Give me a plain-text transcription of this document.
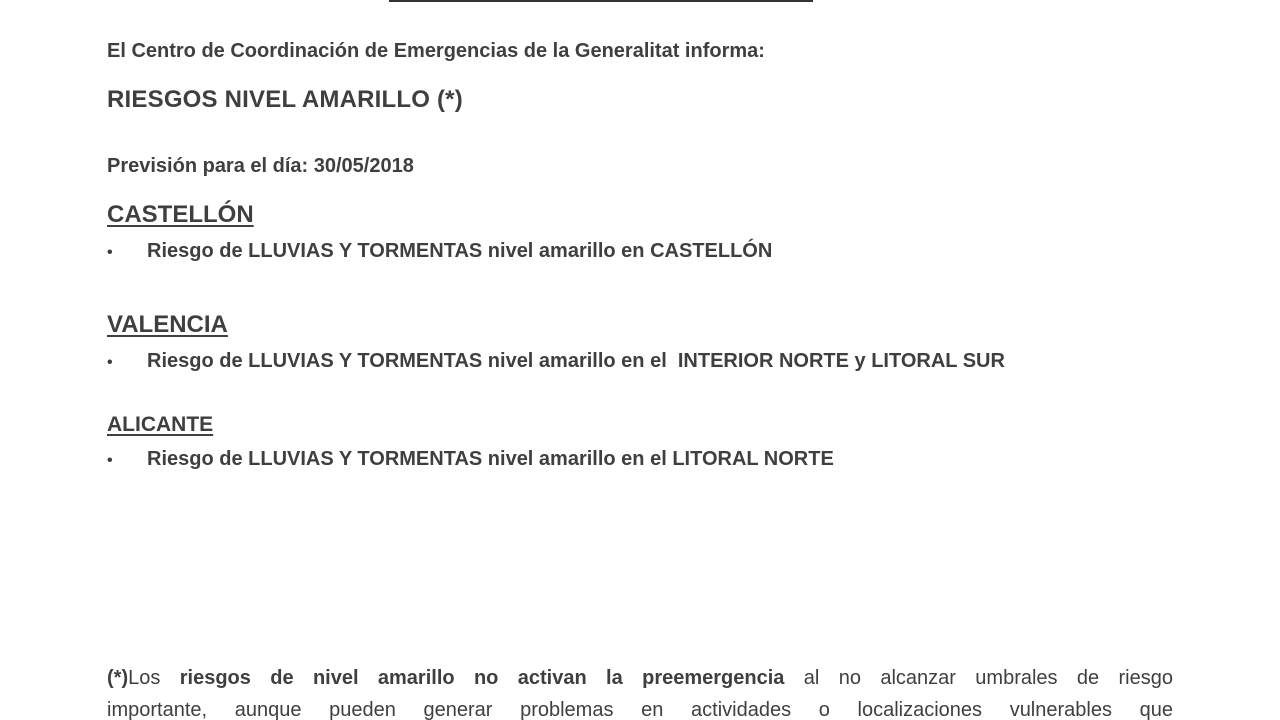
El Centro de Coordinación de Emergencias de la Generalitat informa:
RIESGOS NIVEL AMARILLO (*)
Previsión para el día: 30/05/2018
CASTELLÓN
•	Riesgo de LLUVIAS Y TORMENTAS nivel amarillo en CASTELLÓN
VALENCIA
•	Riesgo de LLUVIAS Y TORMENTAS nivel amarillo en el  INTERIOR NORTE y LITORAL SUR
ALICANTE
•	Riesgo de LLUVIAS Y TORMENTAS nivel amarillo en el LITORAL NORTE
(*)Los riesgos de nivel amarillo no activan la preemergencia al no alcanzar umbrales de riesgo
importante, aunque pueden generar problemas en actividades o localizaciones vulnerables que
